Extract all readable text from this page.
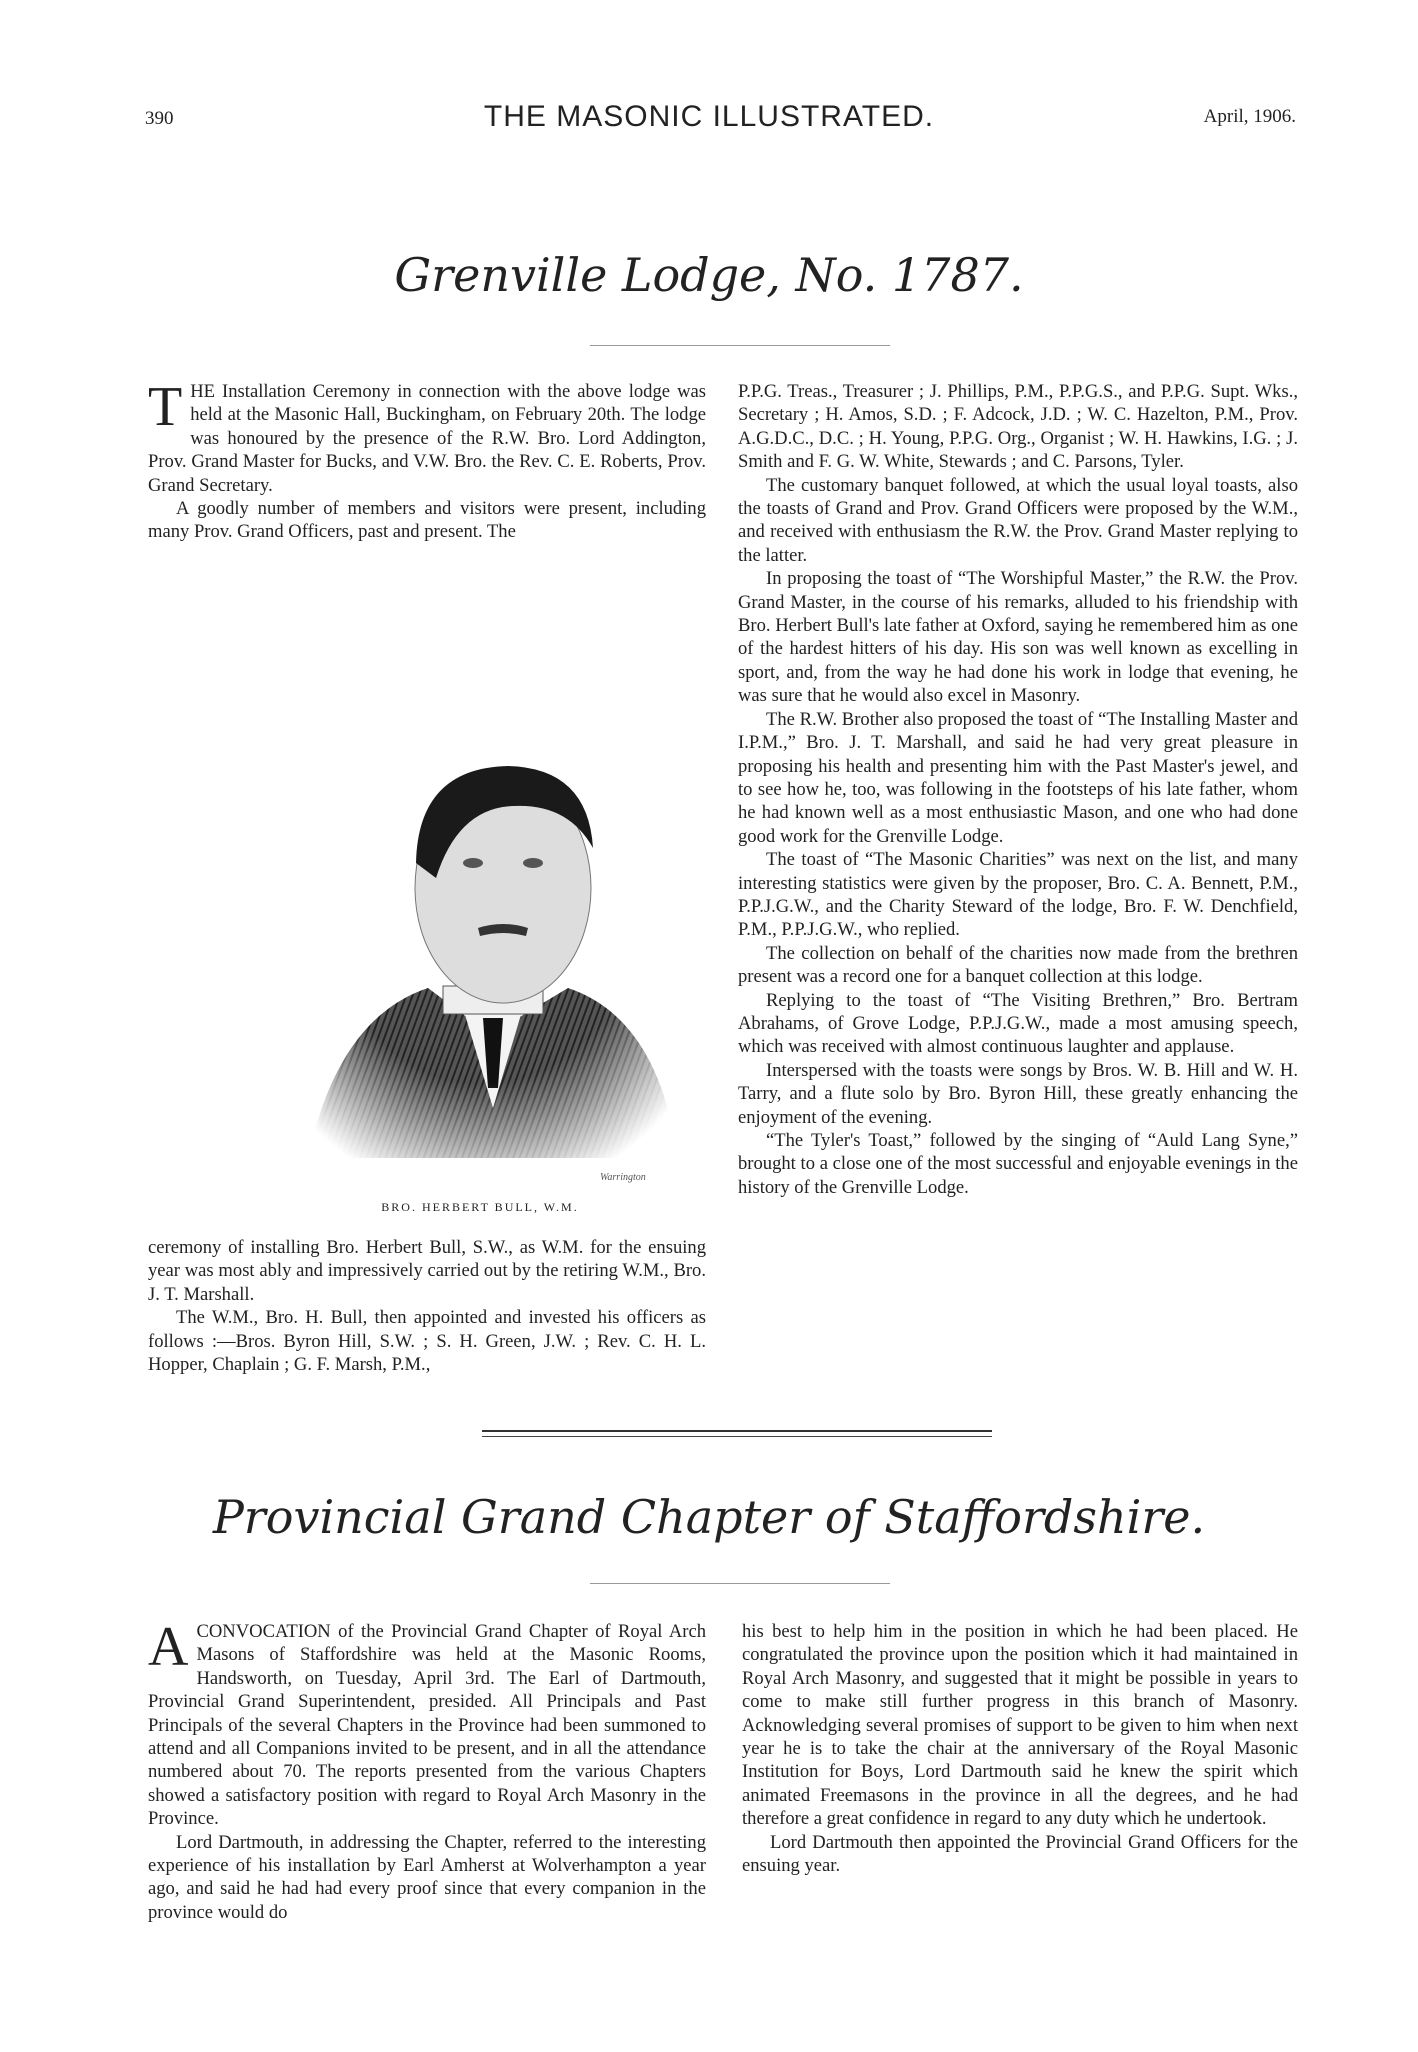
390	THE MASONIC ILLUSTRATED.	April, 1906.
Grenville Lodge, No. 1787.
T HE Installation Ceremony in connection with the above lodge was held at the Masonic Hall, Buckingham, on February 20th. The lodge was honoured by the presence of the R.W. Bro. Lord Addington, Prov. Grand Master for Bucks, and V.W. Bro. the Rev. C. E. Roberts, Prov. Grand Secretary.

A goodly number of members and visitors were present, including many Prov. Grand Officers, past and present. The

Warrington
BRO. HERBERT BULL, W.M.

ceremony of installing Bro. Herbert Bull, S.W., as W.M. for the ensuing year was most ably and impressively carried out by the retiring W.M., Bro. J. T. Marshall.

The W.M., Bro. H. Bull, then appointed and invested his officers as follows :—Bros. Byron Hill, S.W. ; S. H. Green, J.W. ; Rev. C. H. L. Hopper, Chaplain ; G. F. Marsh, P.M.,

P.P.G. Treas., Treasurer ; J. Phillips, P.M., P.P.G.S., and P.P.G. Supt. Wks., Secretary ; H. Amos, S.D. ; F. Adcock, J.D. ; W. C. Hazelton, P.M., Prov. A.G.D.C., D.C. ; H. Young, P.P.G. Org., Organist ; W. H. Hawkins, I.G. ; J. Smith and F. G. W. White, Stewards ; and C. Parsons, Tyler.

The customary banquet followed, at which the usual loyal toasts, also the toasts of Grand and Prov. Grand Officers were proposed by the W.M., and received with enthusiasm the R.W. the Prov. Grand Master replying to the latter.

In proposing the toast of “The Worshipful Master,” the R.W. the Prov. Grand Master, in the course of his remarks, alluded to his friendship with Bro. Herbert Bull's late father at Oxford, saying he remembered him as one of the hardest hitters of his day. His son was well known as excelling in sport, and, from the way he had done his work in lodge that evening, he was sure that he would also excel in Masonry.

The R.W. Brother also proposed the toast of “The Installing Master and I.P.M.,” Bro. J. T. Marshall, and said he had very great pleasure in proposing his health and presenting him with the Past Master's jewel, and to see how he, too, was following in the footsteps of his late father, whom he had known well as a most enthusiastic Mason, and one who had done good work for the Grenville Lodge.

The toast of “The Masonic Charities” was next on the list, and many interesting statistics were given by the proposer, Bro. C. A. Bennett, P.M., P.P.J.G.W., and the Charity Steward of the lodge, Bro. F. W. Denchfield, P.M., P.P.J.G.W., who replied.

The collection on behalf of the charities now made from the brethren present was a record one for a banquet collection at this lodge.

Replying to the toast of “The Visiting Brethren,” Bro. Bertram Abrahams, of Grove Lodge, P.P.J.G.W., made a most amusing speech, which was received with almost continuous laughter and applause.

Interspersed with the toasts were songs by Bros. W. B. Hill and W. H. Tarry, and a flute solo by Bro. Byron Hill, these greatly enhancing the enjoyment of the evening.

“The Tyler's Toast,” followed by the singing of “Auld Lang Syne,” brought to a close one of the most successful and enjoyable evenings in the history of the Grenville Lodge.

Provincial Grand Chapter of Staffordshire.
A CONVOCATION of the Provincial Grand Chapter of Royal Arch Masons of Staffordshire was held at the Masonic Rooms, Handsworth, on Tuesday, April 3rd. The Earl of Dartmouth, Provincial Grand Superintendent, presided. All Principals and Past Principals of the several Chapters in the Province had been summoned to attend and all Companions invited to be present, and in all the attendance numbered about 70. The reports presented from the various Chapters showed a satisfactory position with regard to Royal Arch Masonry in the Province.

Lord Dartmouth, in addressing the Chapter, referred to the interesting experience of his installation by Earl Amherst at Wolverhampton a year ago, and said he had had every proof since that every companion in the province would do

his best to help him in the position in which he had been placed. He congratulated the province upon the position which it had maintained in Royal Arch Masonry, and suggested that it might be possible in years to come to make still further progress in this branch of Masonry. Acknowledging several promises of support to be given to him when next year he is to take the chair at the anniversary of the Royal Masonic Institution for Boys, Lord Dartmouth said he knew the spirit which animated Freemasons in the province in all the degrees, and he had therefore a great confidence in regard to any duty which he undertook.

Lord Dartmouth then appointed the Provincial Grand Officers for the ensuing year.
